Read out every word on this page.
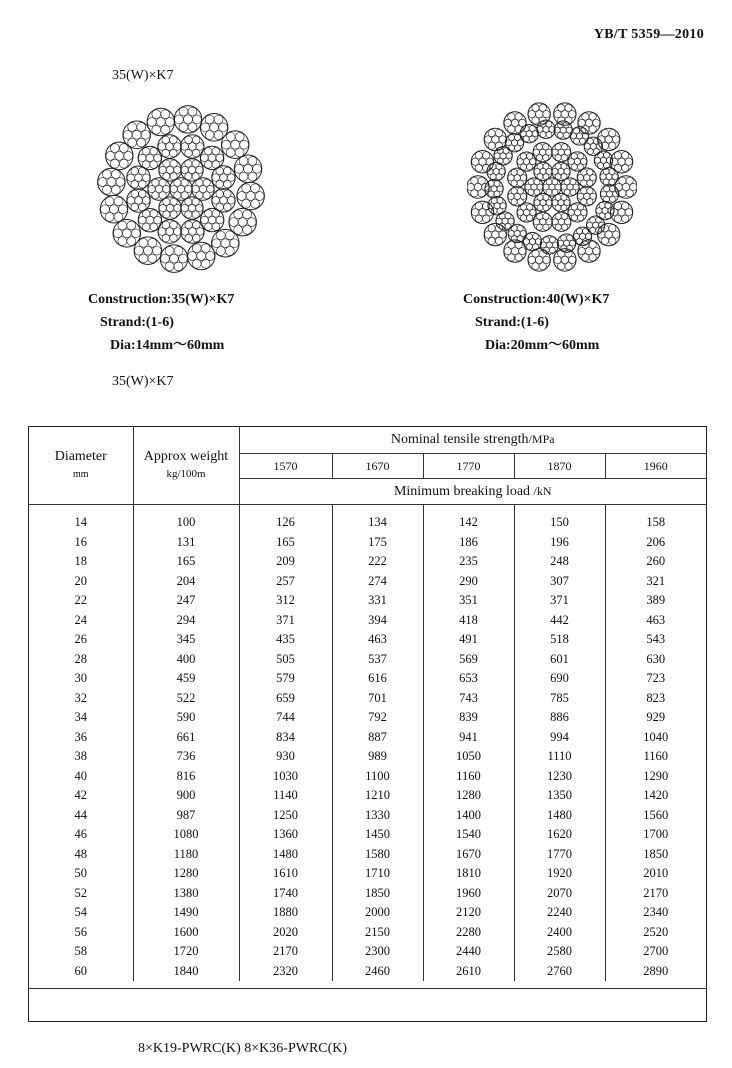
YB/T 5359—2010
35(W)×K7
Construction:35(W)×K7
Strand:(1-6)
Dia:14mm～60mm
Construction:40(W)×K7
Strand:(1-6)
Dia:20mm～60mm
35(W)×K7
Diameter
mm	Approx weight
kg/100m	Nominal tensile strength/MPa				
		1570	1670	1770	1870	1960
		Minimum breaking load /kN				
14	100	126	134	142	150	158
16	131	165	175	186	196	206
18	165	209	222	235	248	260
20	204	257	274	290	307	321
22	247	312	331	351	371	389
24	294	371	394	418	442	463
26	345	435	463	491	518	543
28	400	505	537	569	601	630
30	459	579	616	653	690	723
32	522	659	701	743	785	823
34	590	744	792	839	886	929
36	661	834	887	941	994	1040
38	736	930	989	1050	1110	1160
40	816	1030	1100	1160	1230	1290
42	900	1140	1210	1280	1350	1420
44	987	1250	1330	1400	1480	1560
46	1080	1360	1450	1540	1620	1700
48	1180	1480	1580	1670	1770	1850
50	1280	1610	1710	1810	1920	2010
52	1380	1740	1850	1960	2070	2170
54	1490	1880	2000	2120	2240	2340
56	1600	2020	2150	2280	2400	2520
58	1720	2170	2300	2440	2580	2700
60	1840	2320	2460	2610	2760	2890
8×K19-PWRC(K) 8×K36-PWRC(K)
